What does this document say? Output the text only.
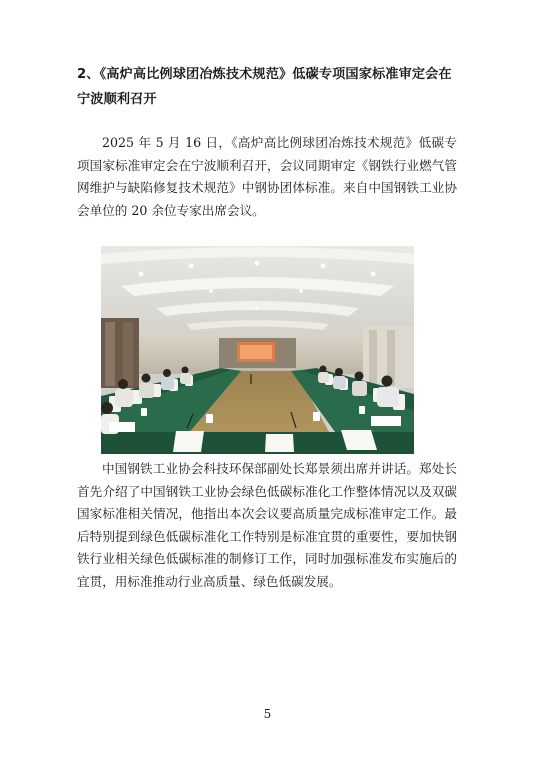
2、《高炉高比例球团冶炼技术规范》低碳专项国家标准审定会在宁波顺利召开
2025 年 5 月 16 日，《高炉高比例球团冶炼技术规范》低碳专项国家标准审定会在宁波顺利召开，会议同期审定《钢铁行业燃气管网维护与缺陷修复技术规范》中钢协团体标准。来自中国钢铁工业协会单位的 20 余位专家出席会议。
中国钢铁工业协会科技环保部副处长郑景须出席并讲话。郑处长首先介绍了中国钢铁工业协会绿色低碳标准化工作整体情况以及双碳国家标准相关情况，他指出本次会议要高质量完成标准审定工作。最后特别提到绿色低碳标准化工作特别是标准宜贯的重要性，要加快钢铁行业相关绿色低碳标准的制修订工作，同时加强标准发布实施后的宜贯，用标准推动行业高质量、绿色低碳发展。
5
